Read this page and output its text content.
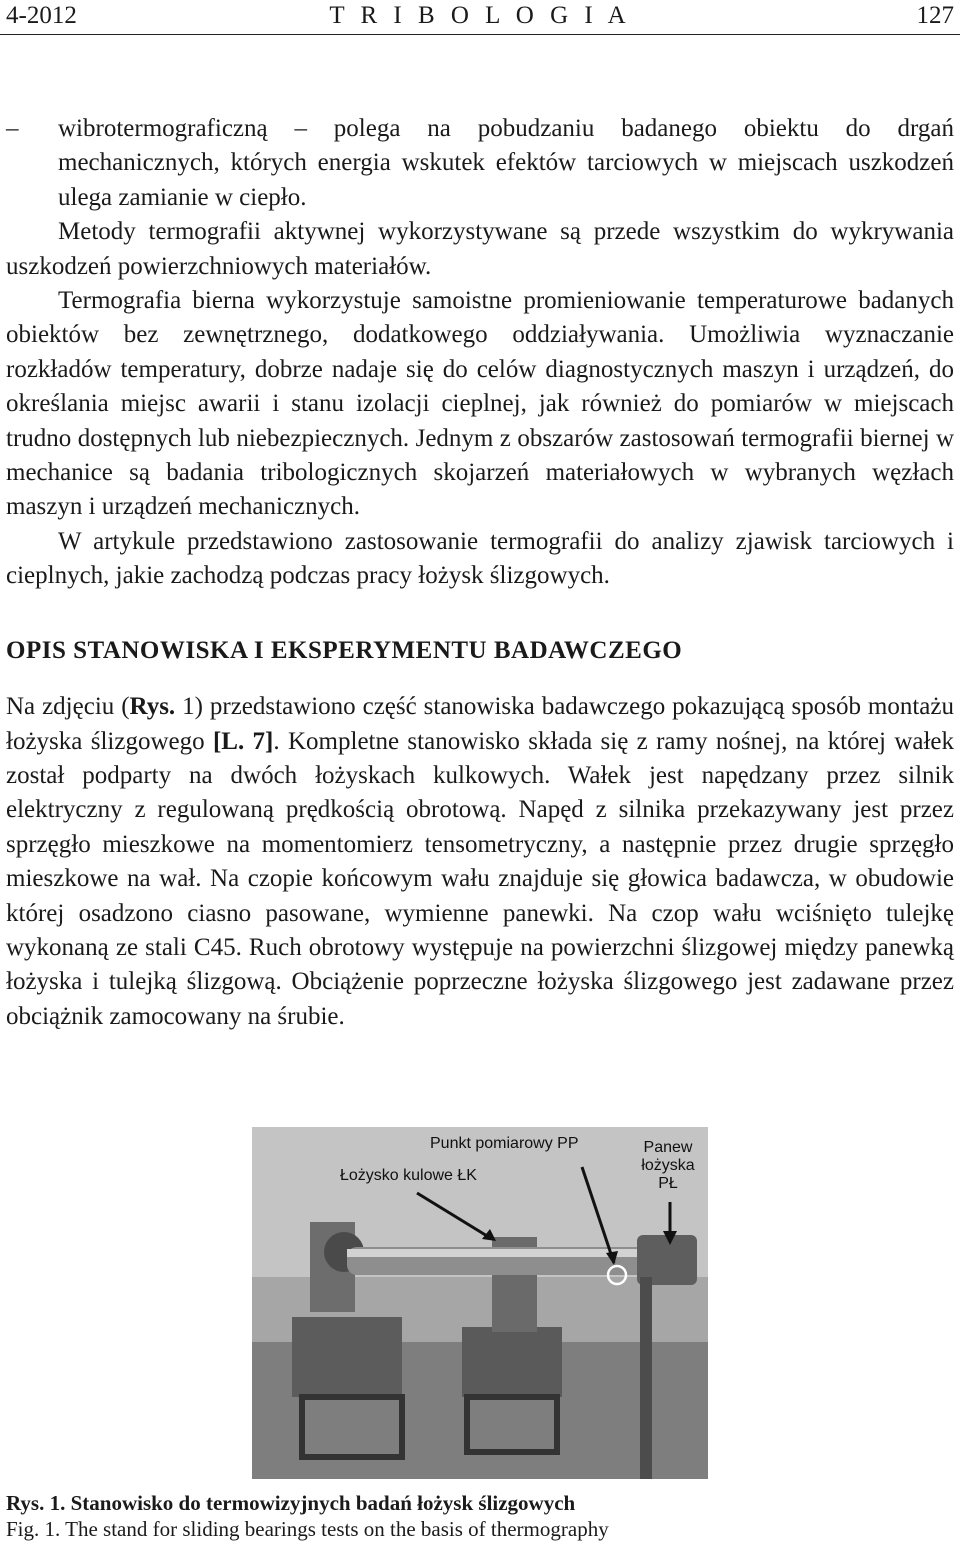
4-2012	T R I B O L O G I A	127

– wibrotermograficzną – polega na pobudzaniu badanego obiektu do drgań mechanicznych, których energia wskutek efektów tarciowych w miejscach uszkodzeń ulega zamianie w ciepło.

Metody termografii aktywnej wykorzystywane są przede wszystkim do wykrywania uszkodzeń powierzchniowych materiałów.

Termografia bierna wykorzystuje samoistne promieniowanie temperaturowe badanych obiektów bez zewnętrznego, dodatkowego oddziaływania. Umożliwia wyznaczanie rozkładów temperatury, dobrze nadaje się do celów diagnostycznych maszyn i urządzeń, do określania miejsc awarii i stanu izolacji cieplnej, jak również do pomiarów w miejscach trudno dostępnych lub niebezpiecznych. Jednym z obszarów zastosowań termografii biernej w mechanice są badania tribologicznych skojarzeń materiałowych w wybranych węzłach maszyn i urządzeń mechanicznych.

W artykule przedstawiono zastosowanie termografii do analizy zjawisk tarciowych i cieplnych, jakie zachodzą podczas pracy łożysk ślizgowych.

OPIS STANOWISKA I EKSPERYMENTU BADAWCZEGO

Na zdjęciu (Rys. 1) przedstawiono część stanowiska badawczego pokazującą sposób montażu łożyska ślizgowego [L. 7]. Kompletne stanowisko składa się z ramy nośnej, na której wałek został podparty na dwóch łożyskach kulkowych. Wałek jest napędzany przez silnik elektryczny z regulowaną prędkością obrotową. Napęd z silnika przekazywany jest przez sprzęgło mieszkowe na momentomierz tensometryczny, a następnie przez drugie sprzęgło mieszkowe na wał. Na czopie końcowym wału znajduje się głowica badawcza, w obudowie której osadzono ciasno pasowane, wymienne panewki. Na czop wału wciśnięto tulejkę wykonaną ze stali C45. Ruch obrotowy występuje na powierzchni ślizgowej między panewką łożyska i tulejką ślizgową. Obciążenie poprzeczne łożyska ślizgowego jest zadawane przez obciążnik zamocowany na śrubie.

Punkt pomiarowy PP
Łożysko kulowe ŁK
Panew
łożyska
PŁ
Rys. 1. Stanowisko do termowizyjnych badań łożysk ślizgowych
Fig. 1. The stand for sliding bearings tests on the basis of thermography
